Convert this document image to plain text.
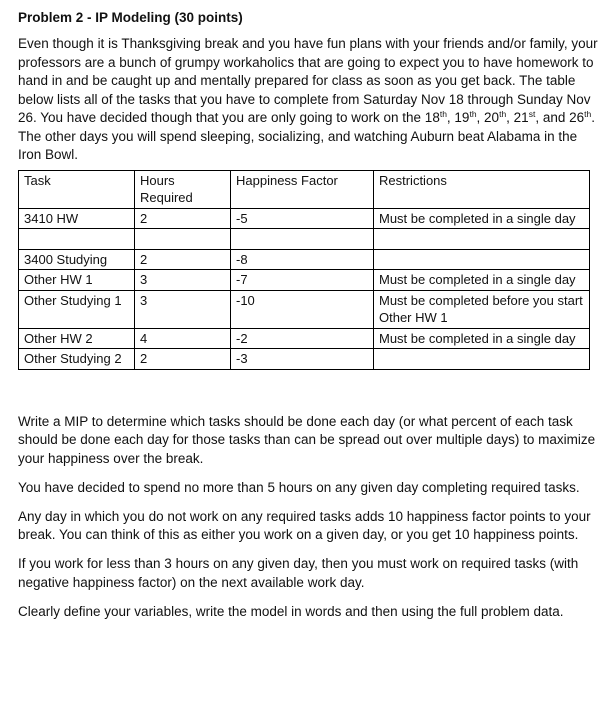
Problem 2 - IP Modeling (30 points)

Even though it is Thanksgiving break and you have fun plans with your friends and/or family, your professors are a bunch of grumpy workaholics that are going to expect you to have homework to hand in and be caught up and mentally prepared for class as soon as you get back. The table below lists all of the tasks that you have to complete from Saturday Nov 18 through Sunday Nov 26. You have decided though that you are only going to work on the 18th, 19th, 20th, 21st, and 26th. The other days you will spend sleeping, socializing, and watching Auburn beat Alabama in the Iron Bowl.

Task	Hours Required	Happiness Factor	Restrictions
3410 HW	2	-5	Must be completed in a single day

3400 Studying	2	-8	
Other HW 1	3	-7	Must be completed in a single day
Other Studying 1	3	-10	Must be completed before you start Other HW 1
Other HW 2	4	-2	Must be completed in a single day
Other Studying 2	2	-3	

Write a MIP to determine which tasks should be done each day (or what percent of each task should be done each day for those tasks than can be spread out over multiple days) to maximize your happiness over the break.

You have decided to spend no more than 5 hours on any given day completing required tasks.

Any day in which you do not work on any required tasks adds 10 happiness factor points to your break. You can think of this as either you work on a given day, or you get 10 happiness points.

If you work for less than 3 hours on any given day, then you must work on required tasks (with negative happiness factor) on the next available work day.

Clearly define your variables, write the model in words and then using the full problem data.
